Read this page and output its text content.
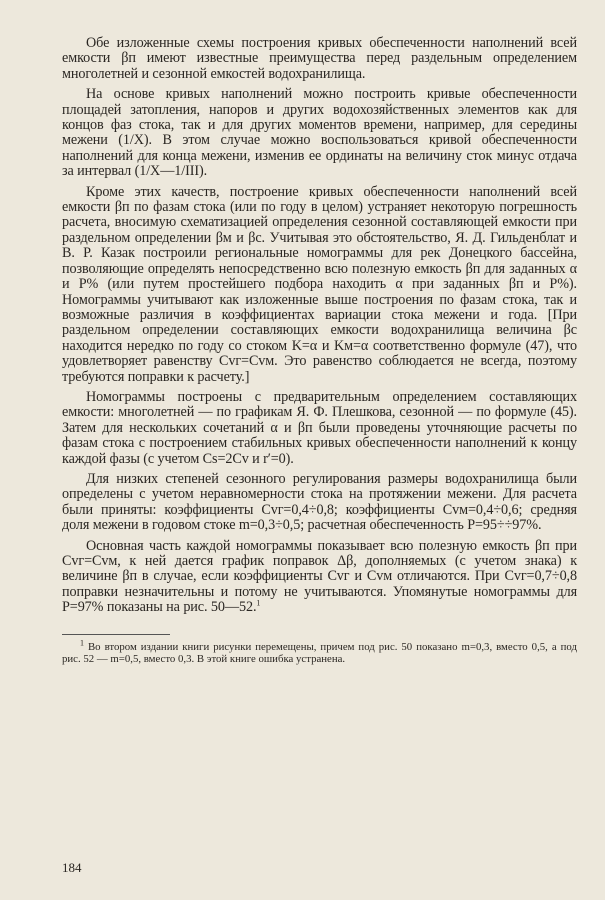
Обе изложенные схемы построения кривых обеспеченности наполнений всей емкости βп имеют известные преимущества перед раздельным определением многолетней и сезонной емкостей водохранилища.

На основе кривых наполнений можно построить кривые обеспеченности площадей затопления, напоров и других водохозяйственных элементов как для концов фаз стока, так и для других моментов времени, например, для середины межени (1/X). В этом случае можно воспользоваться кривой обеспеченности наполнений для конца межени, изменив ее ординаты на величину сток минус отдача за интервал (1/X—1/III).

Кроме этих качеств, построение кривых обеспеченности наполнений всей емкости βп по фазам стока (или по году в целом) устраняет некоторую погрешность расчета, вносимую схематизацией определения сезонной составляющей емкости при раздельном определении βм и βс. Учитывая это обстоятельство, Я. Д. Гильденблат и В. Р. Казак построили региональные номограммы для рек Донецкого бассейна, позволяющие определять непосредственно всю полезную емкость βп для заданных α и P% (или путем простейшего подбора находить α при заданных βп и P%). Номограммы учитывают как изложенные выше построения по фазам стока, так и возможные различия в коэффициентах вариации стока межени и года. [При раздельном определении составляющих емкости водохранилища величина βс находится нередко по году со стоком K=α и Kм=α соответственно формуле (47), что удовлетворяет равенству Cvг=Cvм. Это равенство соблюдается не всегда, поэтому требуются поправки к расчету.]

Номограммы построены с предварительным определением составляющих емкости: многолетней — по графикам Я. Ф. Плешкова, сезонной — по формуле (45). Затем для нескольких сочетаний α и βп были проведены уточняющие расчеты по фазам стока с построением стабильных кривых обеспеченности наполнений к концу каждой фазы (с учетом Cs=2Cv и r′=0).

Для низких степеней сезонного регулирования размеры водохранилища были определены с учетом неравномерности стока на протяжении межени. Для расчета были приняты: коэффициенты Cvг=0,4÷0,8; коэффициенты Cvм=0,4÷0,6; средняя доля межени в годовом стоке m=0,3÷0,5; расчетная обеспеченность P=95÷÷97%.

Основная часть каждой номограммы показывает всю полезную емкость βп при Cvг=Cvм, к ней дается график поправок Δβ, дополняемых (с учетом знака) к величине βп в случае, если коэффициенты Cvг и Cvм отличаются. При Cvг=0,7÷0,8 поправки незначительны и потому не учитываются. Упомянутые номограммы для P=97% показаны на рис. 50—52.$^1$

$^1$ Во втором издании книги рисунки перемещены, причем под рис. 50 показано m=0,3, вместо 0,5, а под рис. 52 — m=0,5, вместо 0,3. В этой книге ошибка устранена.

184
